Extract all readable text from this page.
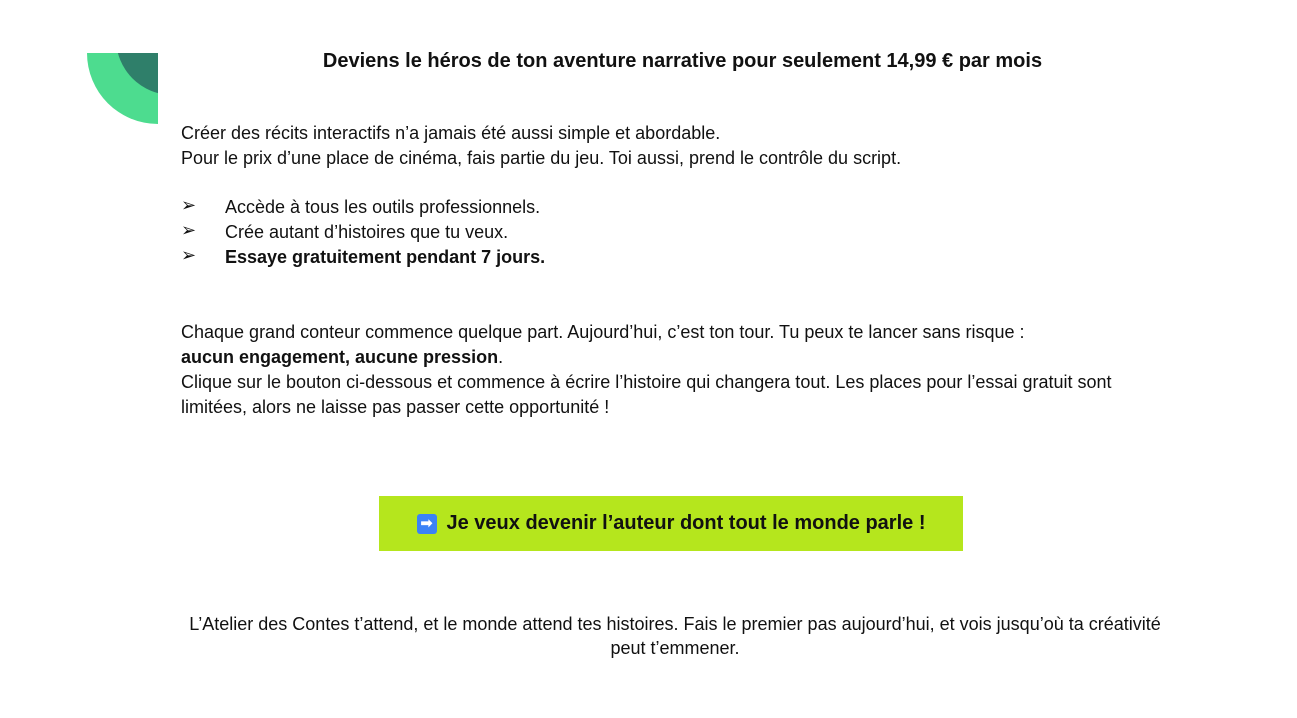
Deviens le héros de ton aventure narrative pour seulement 14,99 € par mois
Créer des récits interactifs n’a jamais été aussi simple et abordable.
Pour le prix d’une place de cinéma, fais partie du jeu. Toi aussi, prend le contrôle du script.
➢ Accède à tous les outils professionnels.
➢ Crée autant d’histoires que tu veux.
➢ Essaye gratuitement pendant 7 jours.
Chaque grand conteur commence quelque part. Aujourd’hui, c’est ton tour. Tu peux te lancer sans risque :
aucun engagement, aucune pression.
Clique sur le bouton ci-dessous et commence à écrire l’histoire qui changera tout. Les places pour l’essai gratuit sont limitées, alors ne laisse pas passer cette opportunité !
➡ Je veux devenir l’auteur dont tout le monde parle !
L’Atelier des Contes t’attend, et le monde attend tes histoires. Fais le premier pas aujourd’hui, et vois jusqu’où ta créativité peut t’emmener.
